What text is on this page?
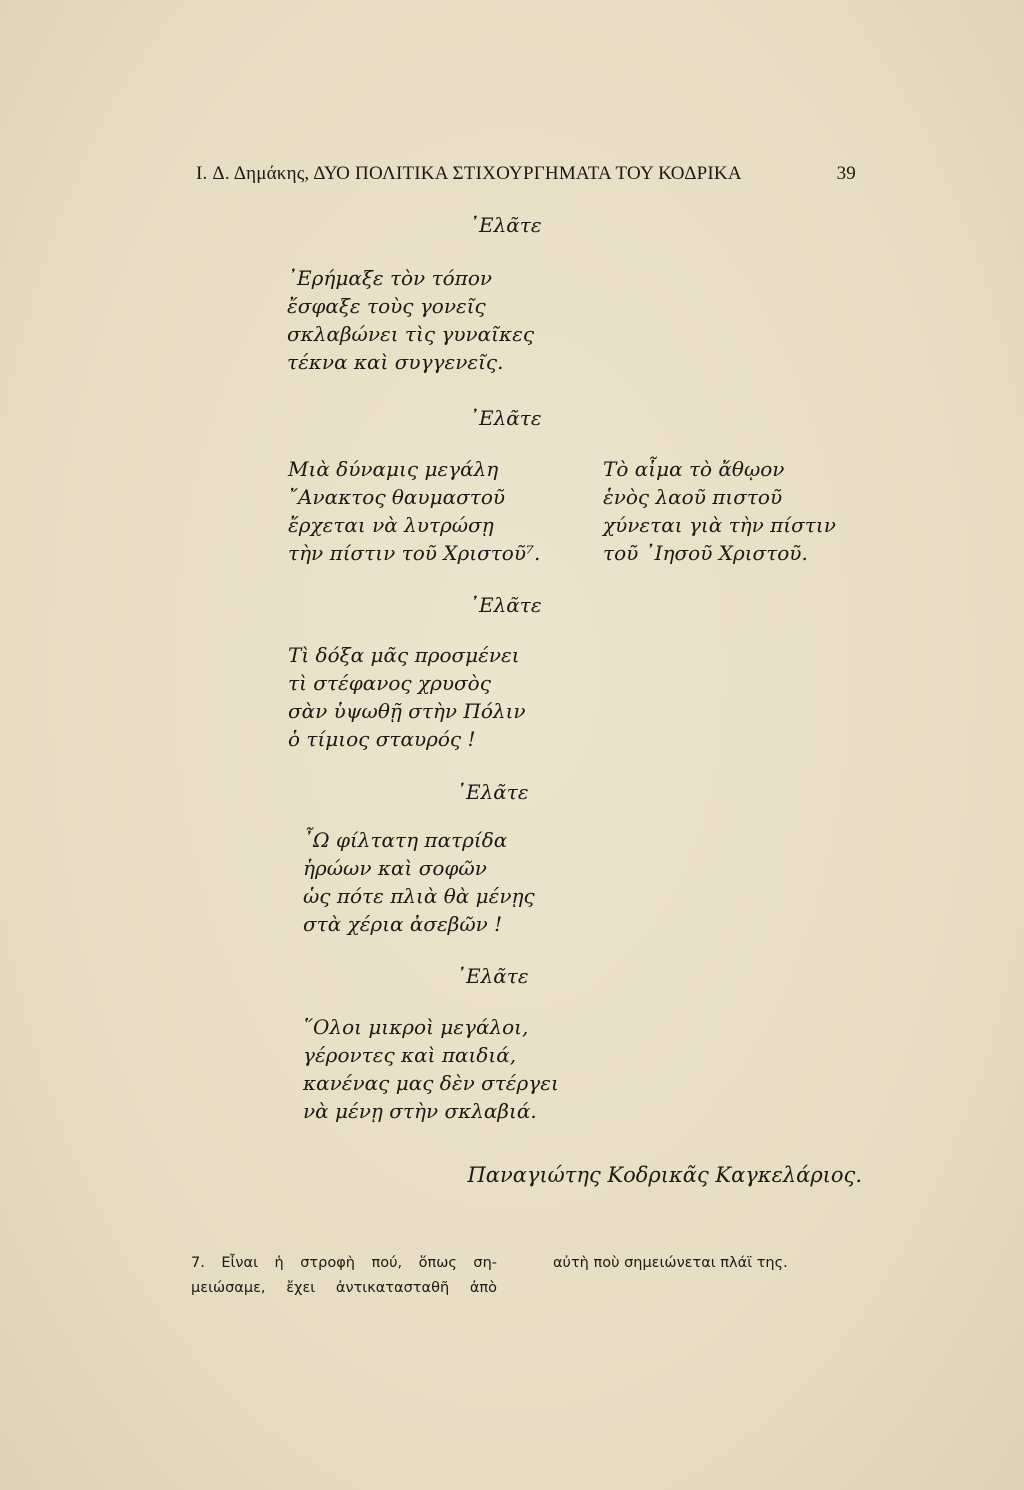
I. Δ. Δημάκης, ΔΥΟ ΠΟΛΙΤΙΚΑ ΣΤΙΧΟΥΡΓΗΜΑΤΑ ΤΟΥ ΚΟΔΡΙΚΑ	39
᾿Ελᾶτε
᾿Ερήμαξε τὸν τόπον
ἔσφαξε τοὺς γονεῖς
σκλαβώνει τὶς γυναῖκες
τέκνα καὶ συγγενεῖς.
᾿Ελᾶτε
Μιὰ δύναμις μεγάλη
῎Ανακτος θαυμαστοῦ
ἔρχεται νὰ λυτρώσῃ
τὴν πίστιν τοῦ Χριστοῦ⁷.
Τὸ αἷμα τὸ ἄθῳον
ἑνὸς λαοῦ πιστοῦ
χύνεται γιὰ τὴν πίστιν
τοῦ ᾿Ιησοῦ Χριστοῦ.
᾿Ελᾶτε
Τὶ δόξα μᾶς προσμένει
τὶ στέφανος χρυσὸς
σὰν ὑψωθῇ στὴν Πόλιν
ὁ τίμιος σταυρός !
᾿Ελᾶτε
῏Ω φίλτατη πατρίδα
ἡρώων καὶ σοφῶν
ὡς πότε πλιὰ θὰ μένῃς
στὰ χέρια ἀσεβῶν !
᾿Ελᾶτε
῞Ολοι μικροὶ μεγάλοι,
γέροντες καὶ παιδιά,
κανένας μας δὲν στέργει
νὰ μένῃ στὴν σκλαβιά.
Παναγιώτης Κοδρικᾶς Καγκελάριος.
7. Εἶναι ἡ στροφὴ πού, ὅπως ση-
μειώσαμε, ἔχει ἀντικατασταθῆ ἀπὸ
αὐτὴ ποὺ σημειώνεται πλάϊ της.
